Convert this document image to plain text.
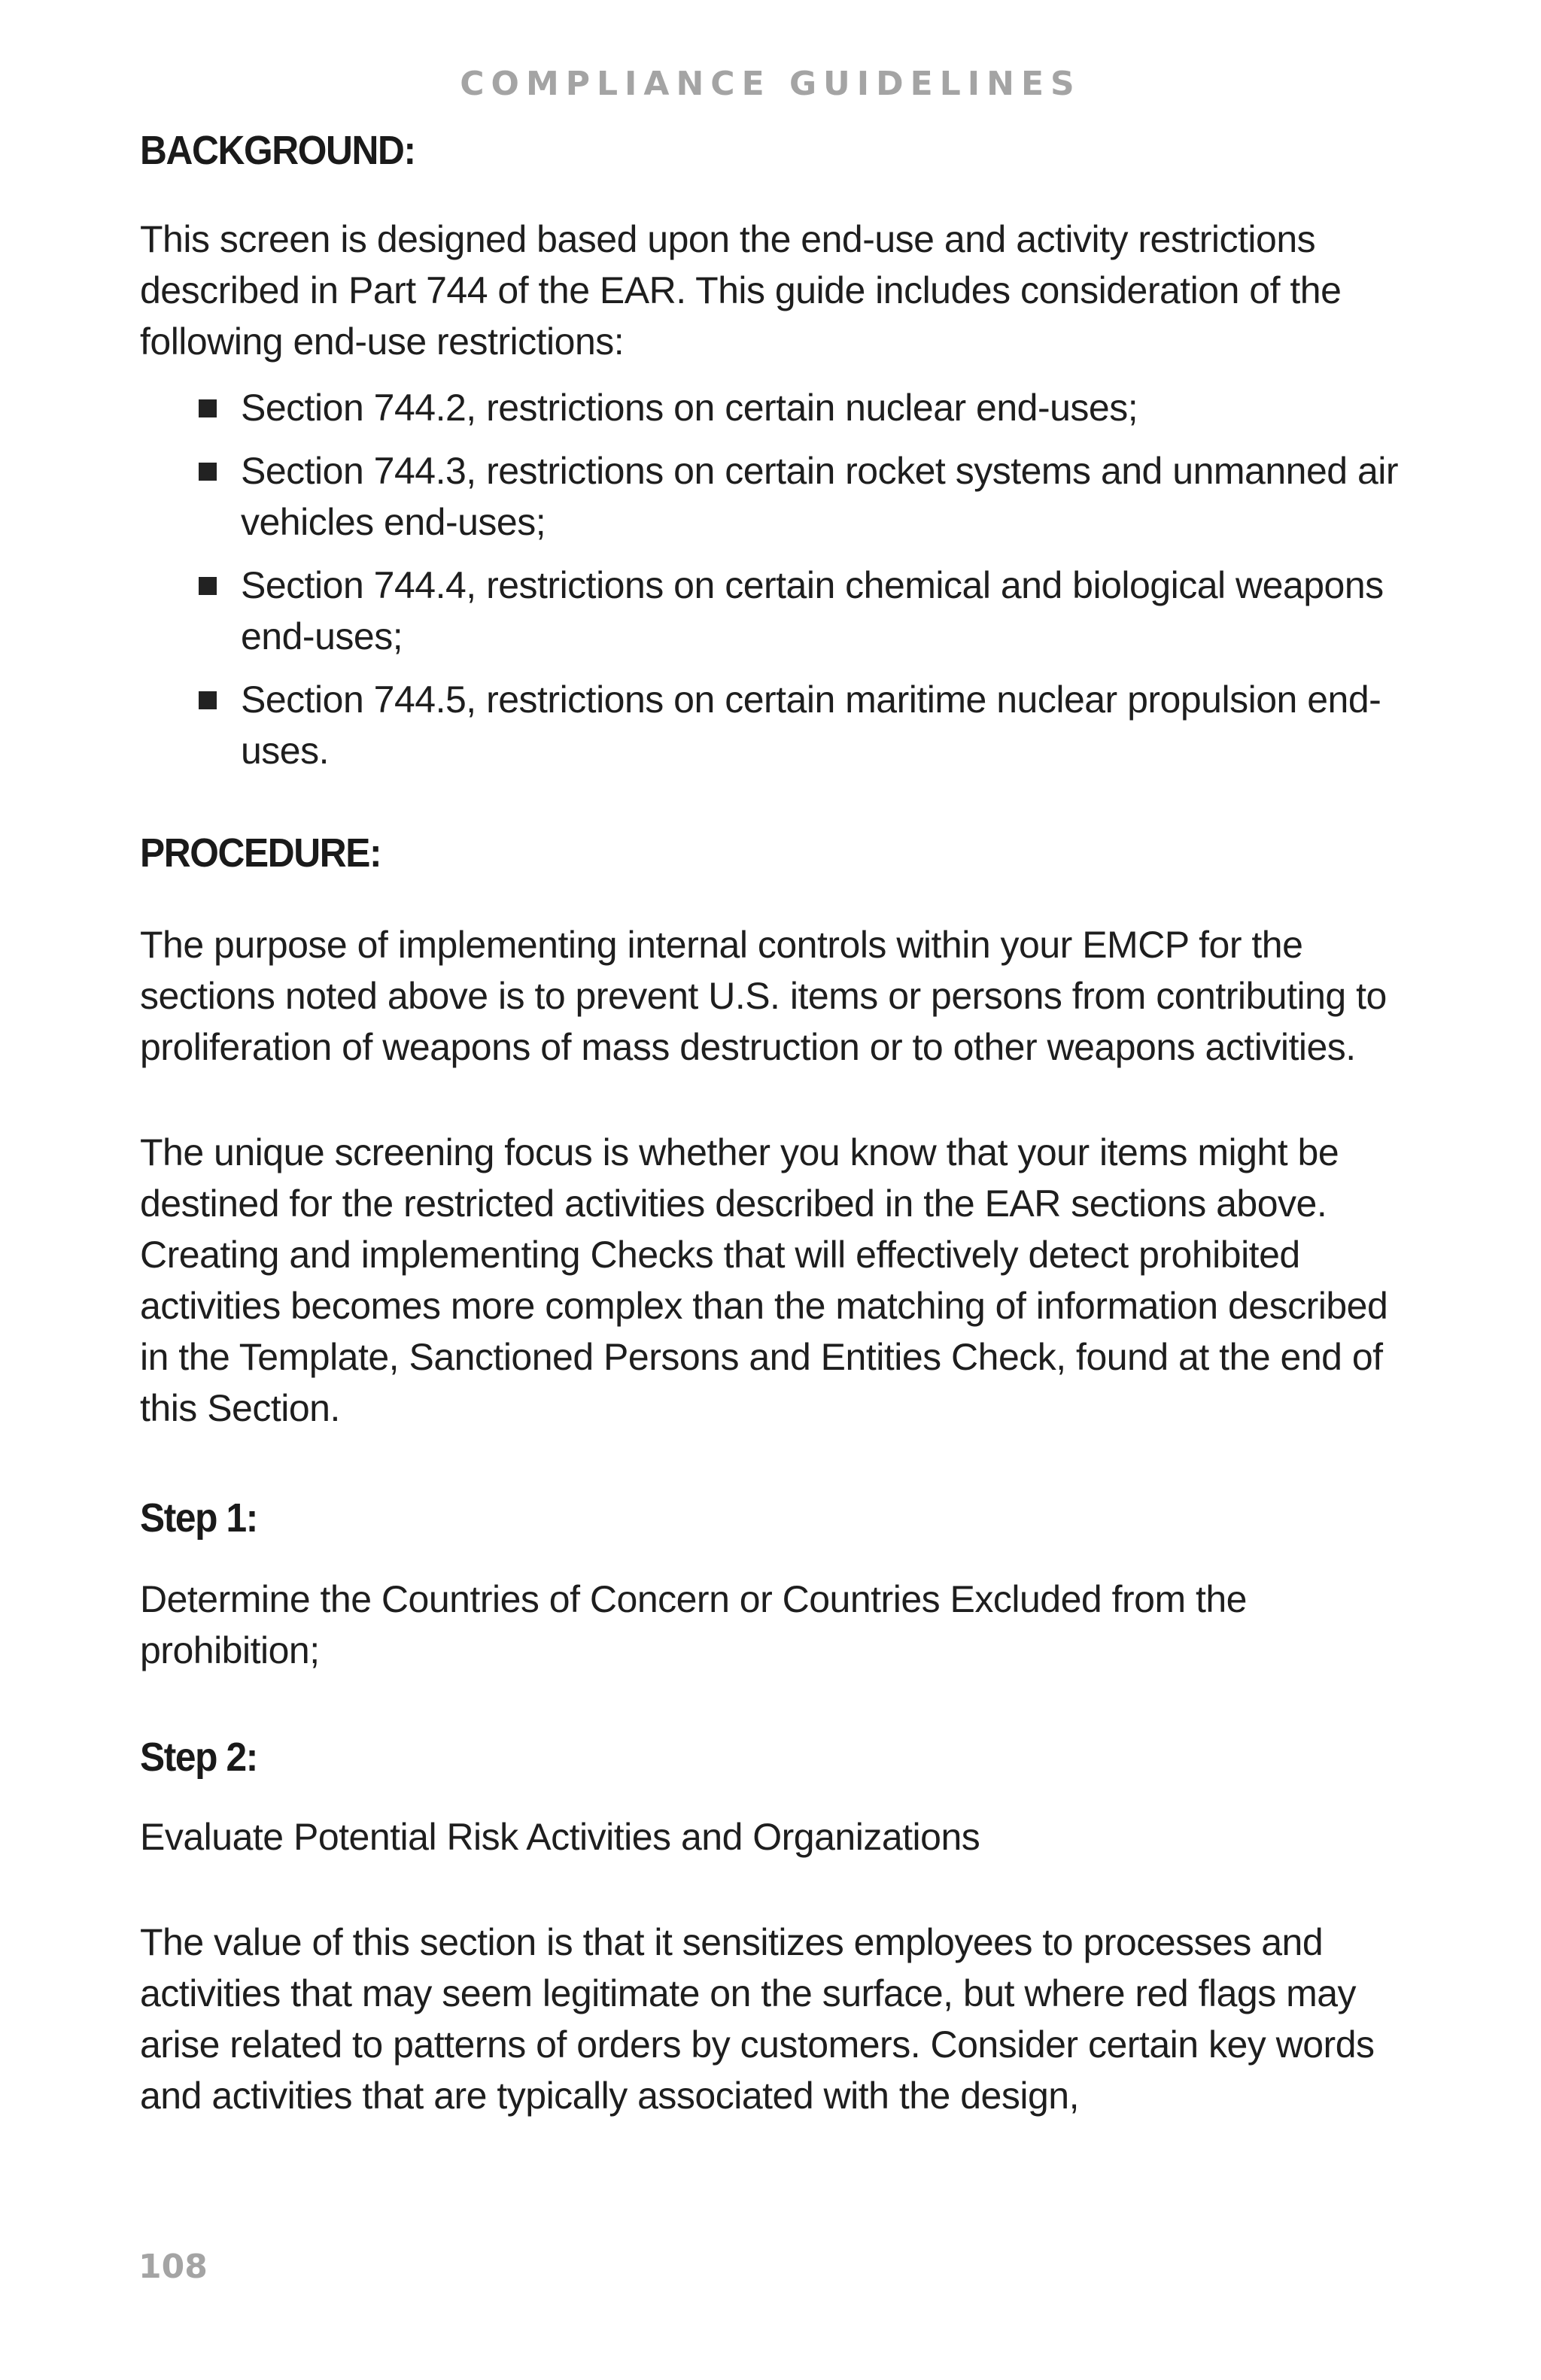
COMPLIANCE GUIDELINES
BACKGROUND:

This screen is designed based upon the end-use and activity restrictions described in Part 744 of the EAR. This guide includes consideration of the following end-use restrictions:

Section 744.2, restrictions on certain nuclear end-uses;
Section 744.3, restrictions on certain rocket systems and unmanned air vehicles end-uses;
Section 744.4, restrictions on certain chemical and biological weapons end-uses;
Section 744.5, restrictions on certain maritime nuclear propulsion end-uses.
PROCEDURE:

The purpose of implementing internal controls within your EMCP for the sections noted above is to prevent U.S. items or persons from contributing to proliferation of weapons of mass destruction or to other weapons activities.

The unique screening focus is whether you know that your items might be destined for the restricted activities described in the EAR sections above. Creating and implementing Checks that will effectively detect prohibited activities becomes more complex than the matching of information described in the Template, Sanctioned Persons and Entities Check, found at the end of this Section.

Step 1:

Determine the Countries of Concern or Countries Excluded from the prohibition;

Step 2:

Evaluate Potential Risk Activities and Organizations

The value of this section is that it sensitizes employees to processes and activities that may seem legitimate on the surface, but where red flags may arise related to patterns of orders by customers. Consider certain key words and activities that are typically associated with the design,

108
